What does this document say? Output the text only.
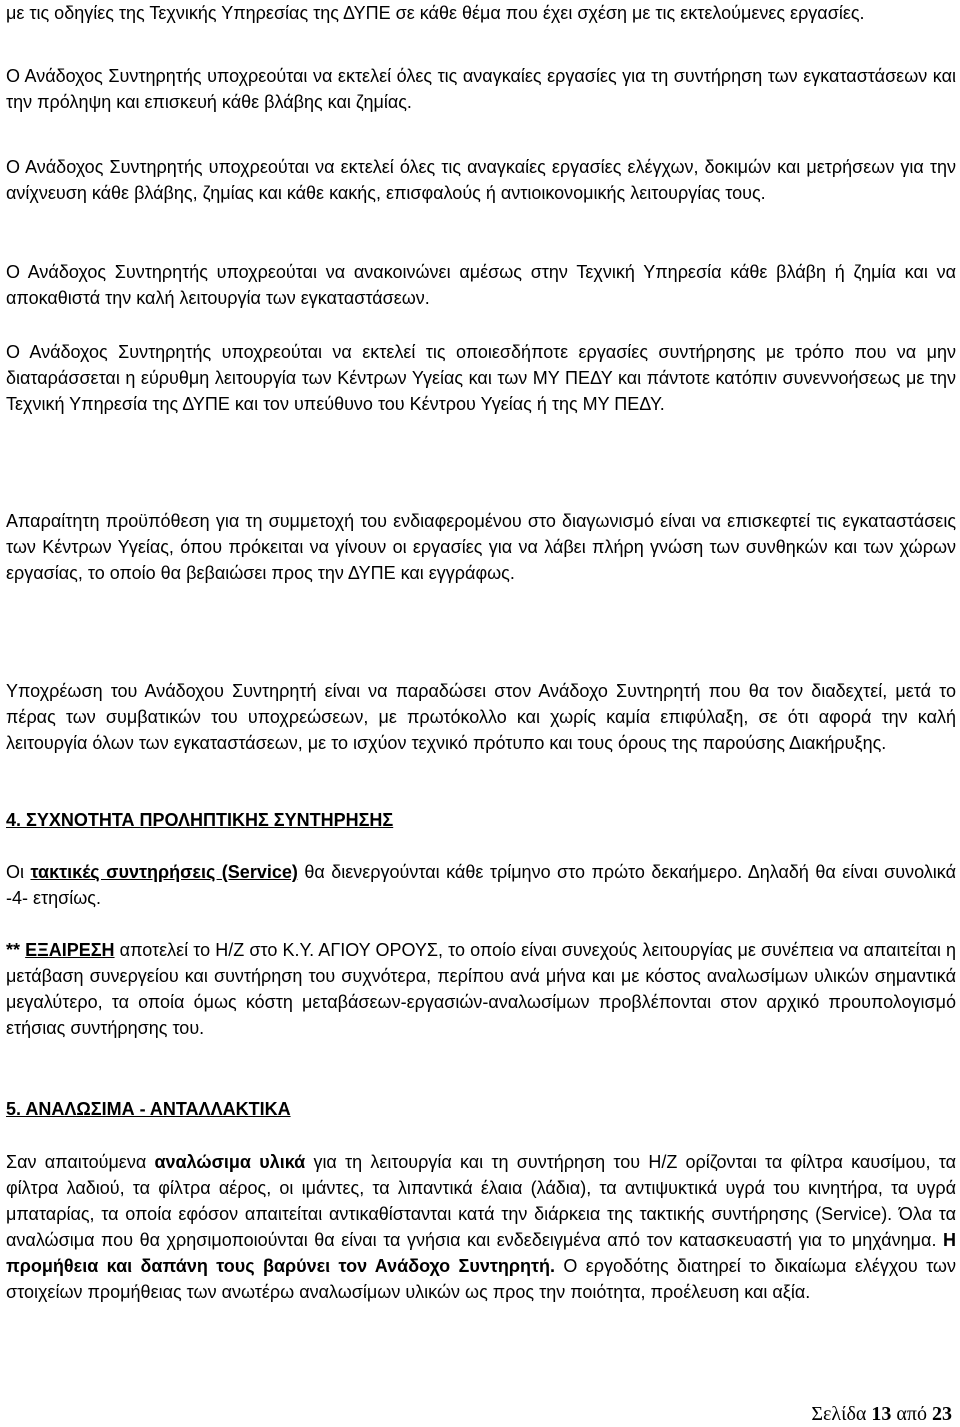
με τις οδηγίες της Τεχνικής Υπηρεσίας της ΔΥΠΕ σε κάθε θέμα που έχει σχέση με τις εκτελούμενες εργασίες.

Ο Ανάδοχος Συντηρητής υποχρεούται να εκτελεί όλες τις αναγκαίες εργασίες για τη συντήρηση των εγκαταστάσεων και την πρόληψη και επισκευή κάθε βλάβης και ζημίας.

Ο Ανάδοχος Συντηρητής υποχρεούται να εκτελεί όλες τις αναγκαίες εργασίες ελέγχων, δοκιμών και μετρήσεων για την ανίχνευση κάθε βλάβης, ζημίας και κάθε κακής, επισφαλούς ή αντιοικονομικής λειτουργίας τους.

Ο Ανάδοχος Συντηρητής υποχρεούται να ανακοινώνει αμέσως στην Τεχνική Υπηρεσία κάθε βλάβη ή ζημία και να αποκαθιστά την καλή λειτουργία των εγκαταστάσεων.

Ο Ανάδοχος Συντηρητής υποχρεούται να εκτελεί τις οποιεσδήποτε εργασίες συντήρησης με τρόπο που να μην διαταράσσεται η εύρυθμη λειτουργία των Κέντρων Υγείας και των ΜΥ ΠΕΔΥ και πάντοτε κατόπιν συνεννοήσεως με την Τεχνική Υπηρεσία της ΔΥΠΕ και τον υπεύθυνο του Κέντρου Υγείας ή της ΜΥ ΠΕΔΥ.

Απαραίτητη προϋπόθεση για τη συμμετοχή του ενδιαφερομένου στο διαγωνισμό είναι να επισκεφτεί τις εγκαταστάσεις των Κέντρων Υγείας, όπου πρόκειται να γίνουν οι εργασίες για να λάβει πλήρη γνώση των συνθηκών και των χώρων εργασίας, το οποίο θα βεβαιώσει προς την ΔΥΠΕ και εγγράφως.

Υποχρέωση του Ανάδοχου Συντηρητή είναι να παραδώσει στον Ανάδοχο Συντηρητή που θα τον διαδεχτεί, μετά το πέρας των συμβατικών του υποχρεώσεων, με πρωτόκολλο και χωρίς καμία επιφύλαξη, σε ότι αφορά την καλή λειτουργία όλων των εγκαταστάσεων, με το ισχύον τεχνικό πρότυπο και τους όρους της παρούσης Διακήρυξης.

4. ΣΥΧΝΟΤΗΤΑ ΠΡΟΛΗΠΤΙΚΗΣ ΣΥΝΤΗΡΗΣΗΣ

Οι τακτικές συντηρήσεις (Service) θα διενεργούνται κάθε τρίμηνο στο πρώτο δεκαήμερο. Δηλαδή θα είναι συνολικά -4- ετησίως.

** ΕΞΑΙΡΕΣΗ αποτελεί το Η/Ζ στο Κ.Υ. ΑΓΙΟΥ ΟΡΟΥΣ, το οποίο είναι συνεχούς λειτουργίας με συνέπεια να απαιτείται η μετάβαση συνεργείου και συντήρηση του συχνότερα, περίπου ανά μήνα και με κόστος αναλωσίμων υλικών σημαντικά μεγαλύτερο, τα οποία όμως κόστη μεταβάσεων-εργασιών-αναλωσίμων προβλέπονται στον αρχικό προυπολογισμό ετήσιας συντήρησης του.

5. ΑΝΑΛΩΣΙΜΑ - ΑΝΤΑΛΛΑΚΤΙΚΑ

Σαν απαιτούμενα αναλώσιμα υλικά για τη λειτουργία και τη συντήρηση του Η/Ζ ορίζονται τα φίλτρα καυσίμου, τα φίλτρα λαδιού, τα φίλτρα αέρος, οι ιμάντες, τα λιπαντικά έλαια (λάδια), τα αντιψυκτικά υγρά του κινητήρα, τα υγρά μπαταρίας, τα οποία εφόσον απαιτείται αντικαθίστανται κατά την διάρκεια της τακτικής συντήρησης (Service). Όλα τα αναλώσιμα που θα χρησιμοποιούνται θα είναι τα γνήσια και ενδεδειγμένα από τον κατασκευαστή για το μηχάνημα. Η προμήθεια και δαπάνη τους βαρύνει τον Ανάδοχο Συντηρητή. Ο εργοδότης διατηρεί το δικαίωμα ελέγχου των στοιχείων προμήθειας των ανωτέρω αναλωσίμων υλικών ως προς την ποιότητα, προέλευση και αξία.

Σελίδα 13 από 23
